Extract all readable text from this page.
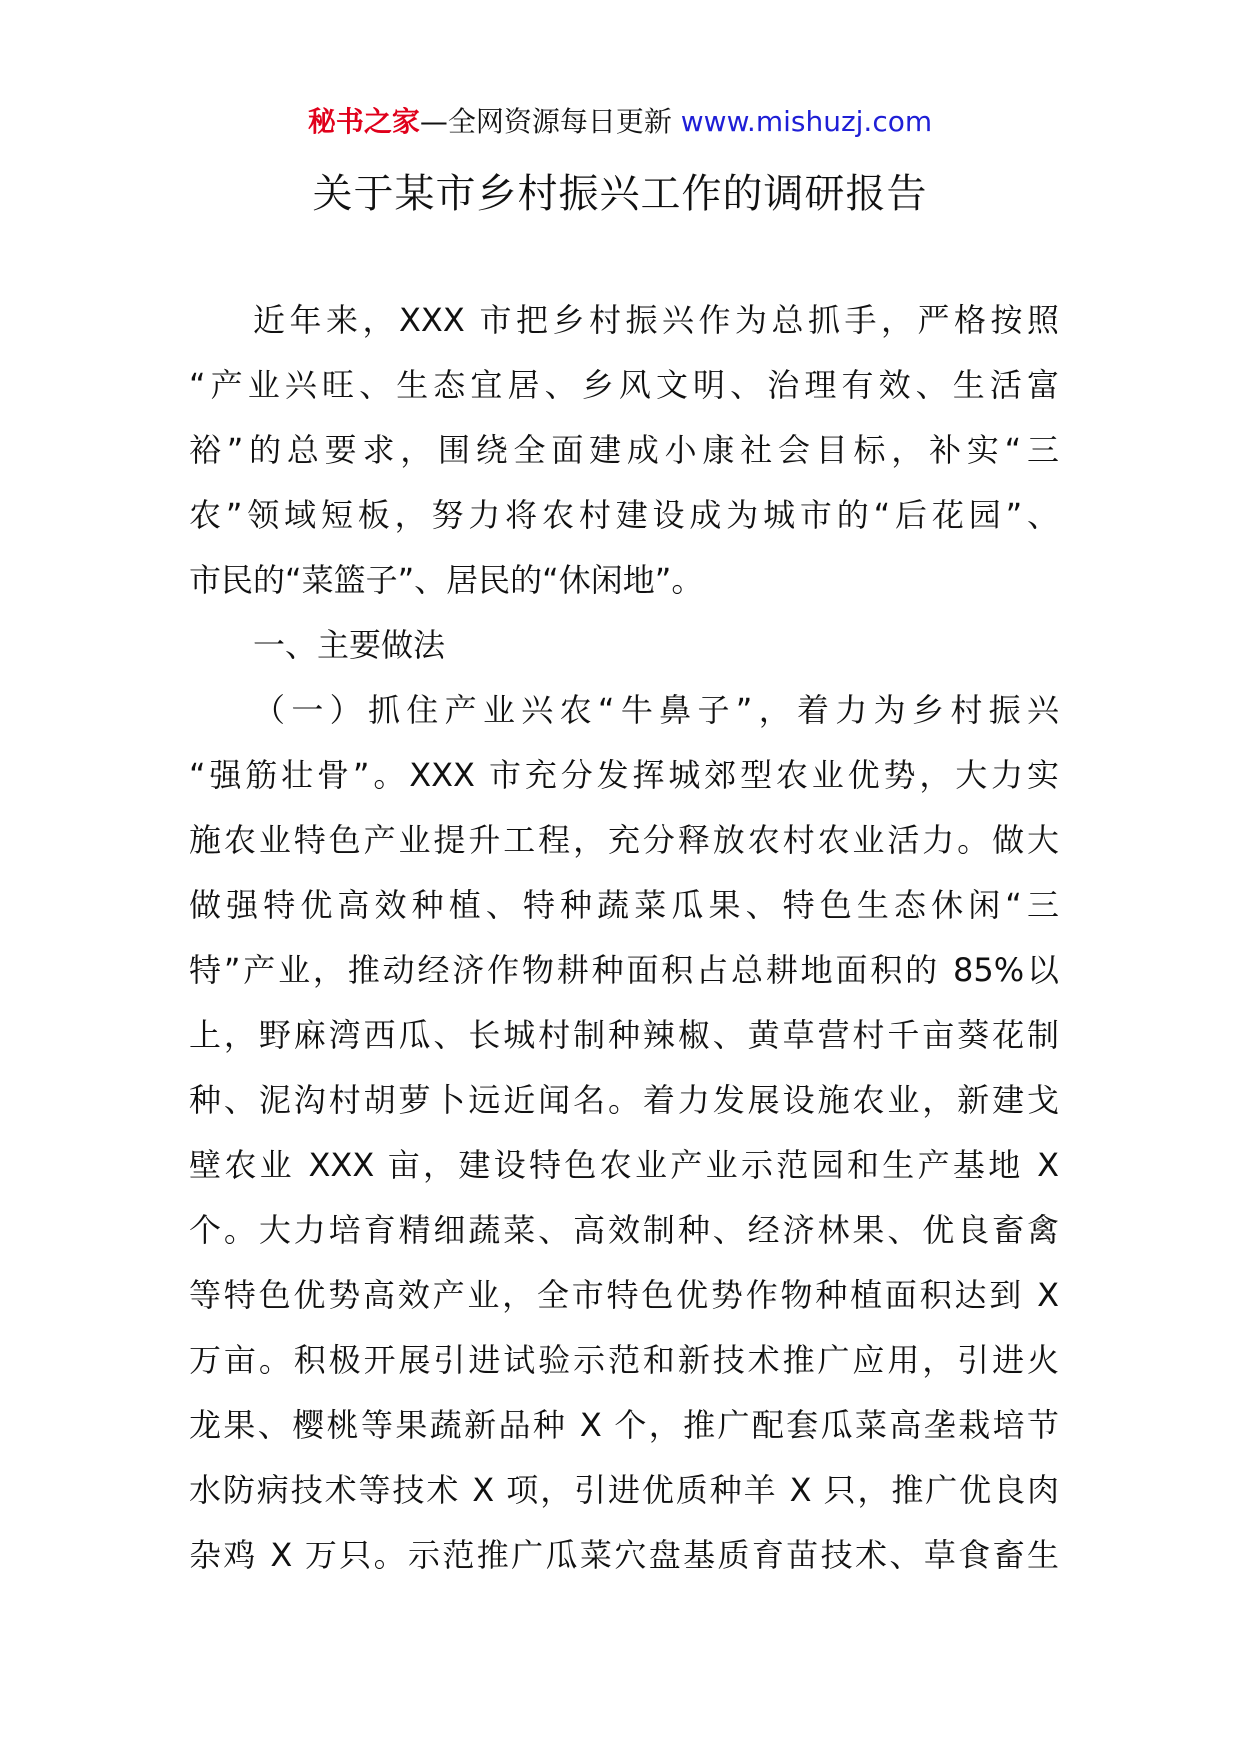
秘书之家—全网资源每日更新 www.mishuzj.com
关于某市乡村振兴工作的调研报告
近年来，XXX 市把乡村振兴作为总抓手，严格按照
“产业兴旺、生态宜居、乡风文明、治理有效、生活富
裕”的总要求，围绕全面建成小康社会目标，补实“三
农”领域短板，努力将农村建设成为城市的“后花园”、
市民的“菜篮子”、居民的“休闲地”。
一、主要做法
（一）抓住产业兴农“牛鼻子”，着力为乡村振兴
“强筋壮骨”。XXX 市充分发挥城郊型农业优势，大力实
施农业特色产业提升工程，充分释放农村农业活力。做大
做强特优高效种植、特种蔬菜瓜果、特色生态休闲“三
特”产业，推动经济作物耕种面积占总耕地面积的 85%以
上，野麻湾西瓜、长城村制种辣椒、黄草营村千亩葵花制
种、泥沟村胡萝卜远近闻名。着力发展设施农业，新建戈
壁农业 XXX 亩，建设特色农业产业示范园和生产基地 X
个。大力培育精细蔬菜、高效制种、经济林果、优良畜禽
等特色优势高效产业，全市特色优势作物种植面积达到 X
万亩。积极开展引进试验示范和新技术推广应用，引进火
龙果、樱桃等果蔬新品种 X 个，推广配套瓜菜高垄栽培节
水防病技术等技术 X 项，引进优质种羊 X 只，推广优良肉
杂鸡 X 万只。示范推广瓜菜穴盘基质育苗技术、草食畜生
